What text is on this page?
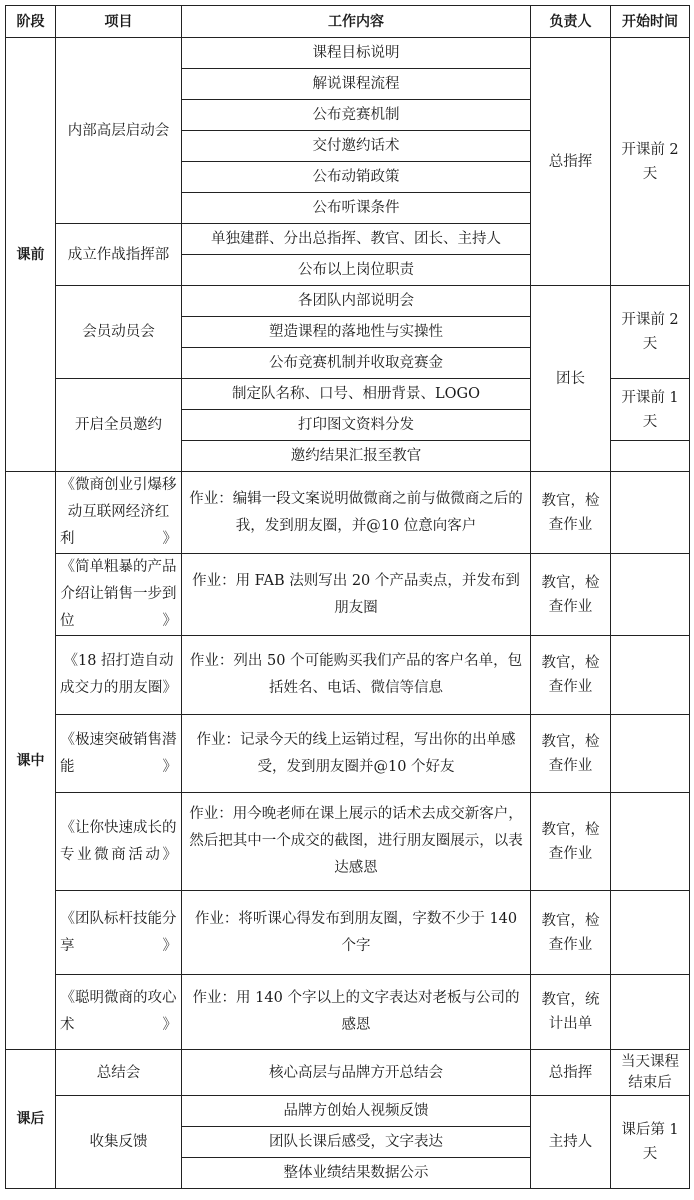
阶段	项目	工作内容	负责人	开始时间
课前	内部高层启动会	课程目标说明	总指挥	开课前 2 天
		解说课程流程		
		公布竞赛机制		
		交付邀约话术		
		公布动销政策		
		公布听课条件		
	成立作战指挥部	单独建群、分出总指挥、教官、团长、主持人		
		公布以上岗位职责		
	会员动员会	各团队内部说明会	团长	开课前 2 天
		塑造课程的落地性与实操性		
		公布竞赛机制并收取竞赛金		
	开启全员邀约	制定队名称、口号、相册背景、LOGO		开课前 1 天
		打印图文资料分发		
		邀约结果汇报至教官		
课中	《微商创业引爆移动互联网经济红利》	作业：编辑一段文案说明做微商之前与做微商之后的我，发到朋友圈，并@10 位意向客户	教官，检查作业	
	《简单粗暴的产品介绍让销售一步到位》	作业：用 FAB 法则写出 20 个产品卖点，并发布到朋友圈	教官，检查作业	
	《18 招打造自动成交力的朋友圈》	作业：列出 50 个可能购买我们产品的客户名单，包括姓名、电话、微信等信息	教官，检查作业	
	《极速突破销售潜能》	作业：记录今天的线上运销过程，写出你的出单感受，发到朋友圈并@10 个好友	教官，检查作业	
	《让你快速成长的专业微商活动》	作业：用今晚老师在课上展示的话术去成交新客户，然后把其中一个成交的截图，进行朋友圈展示，以表达感恩	教官，检查作业	
	《团队标杆技能分享》	作业：将听课心得发布到朋友圈，字数不少于 140 个字	教官，检查作业	
	《聪明微商的攻心术》	作业：用 140 个字以上的文字表达对老板与公司的感恩	教官，统计出单	
课后	总结会	核心高层与品牌方开总结会	总指挥	当天课程结束后
	收集反馈	品牌方创始人视频反馈	主持人	课后第 1 天
		团队长课后感受，文字表达		
		整体业绩结果数据公示		
